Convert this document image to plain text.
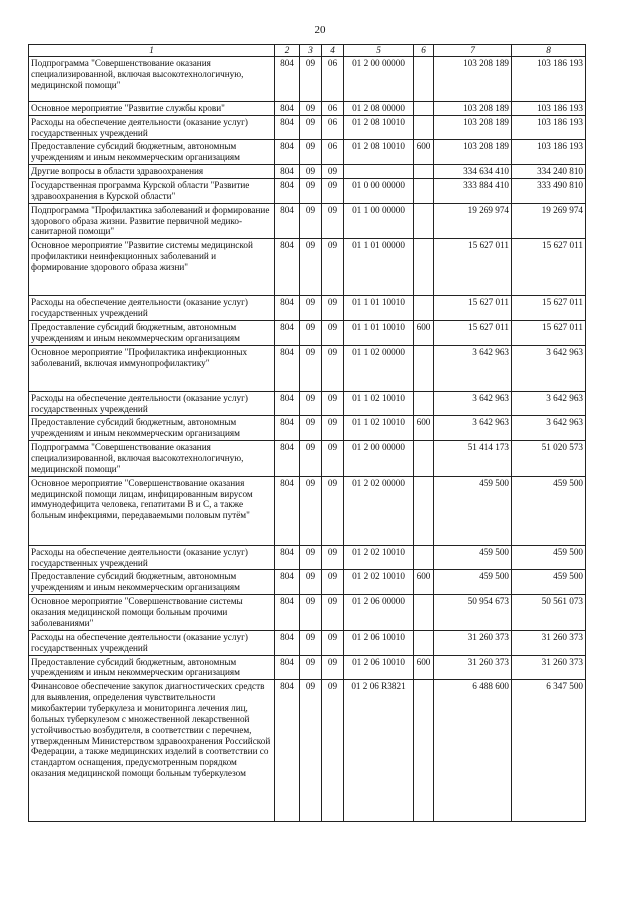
20
1	2	3	4	5	6	7	8
Подпрограмма "Совершенствование оказания специализированной, включая высокотехнологичную, медицинской помощи"	804	09	06	01 2 00 00000		103 208 189	103 186 193
Основное мероприятие "Развитие службы крови"	804	09	06	01 2 08 00000		103 208 189	103 186 193
Расходы на обеспечение деятельности (оказание услуг) государственных учреждений	804	09	06	01 2 08 10010		103 208 189	103 186 193
Предоставление субсидий бюджетным, автономным учреждениям и иным некоммерческим организациям	804	09	06	01 2 08 10010	600	103 208 189	103 186 193
Другие вопросы в области здравоохранения	804	09	09			334 634 410	334 240 810
Государственная программа Курской области "Развитие здравоохранения в Курской области"	804	09	09	01 0 00 00000		333 884 410	333 490 810
Подпрограмма "Профилактика заболеваний и формирование здорового образа жизни. Развитие первичной медико-санитарной помощи"	804	09	09	01 1 00 00000		19 269 974	19 269 974
Основное мероприятие "Развитие системы медицинской профилактики неинфекционных заболеваний и формирование здорового образа жизни"	804	09	09	01 1 01 00000		15 627 011	15 627 011
Расходы на обеспечение деятельности (оказание услуг) государственных учреждений	804	09	09	01 1 01 10010		15 627 011	15 627 011
Предоставление субсидий бюджетным, автономным учреждениям и иным некоммерческим организациям	804	09	09	01 1 01 10010	600	15 627 011	15 627 011
Основное мероприятие "Профилактика инфекционных заболеваний, включая иммунопрофилактику"	804	09	09	01 1 02 00000		3 642 963	3 642 963
Расходы на обеспечение деятельности (оказание услуг) государственных учреждений	804	09	09	01 1 02 10010		3 642 963	3 642 963
Предоставление субсидий бюджетным, автономным учреждениям и иным некоммерческим организациям	804	09	09	01 1 02 10010	600	3 642 963	3 642 963
Подпрограмма "Совершенствование оказания специализированной, включая высокотехнологичную, медицинской помощи"	804	09	09	01 2 00 00000		51 414 173	51 020 573
Основное мероприятие "Совершенствование оказания медицинской помощи лицам, инфицированным вирусом иммунодефицита человека, гепатитами В и С, а также больным инфекциями, передаваемыми половым путём"	804	09	09	01 2 02 00000		459 500	459 500
Расходы на обеспечение деятельности (оказание услуг) государственных учреждений	804	09	09	01 2 02 10010		459 500	459 500
Предоставление субсидий бюджетным, автономным учреждениям и иным некоммерческим организациям	804	09	09	01 2 02 10010	600	459 500	459 500
Основное мероприятие "Совершенствование системы оказания медицинской помощи больным прочими заболеваниями"	804	09	09	01 2 06 00000		50 954 673	50 561 073
Расходы на обеспечение деятельности (оказание услуг) государственных учреждений	804	09	09	01 2 06 10010		31 260 373	31 260 373
Предоставление субсидий бюджетным, автономным учреждениям и иным некоммерческим организациям	804	09	09	01 2 06 10010	600	31 260 373	31 260 373
Финансовое обеспечение закупок диагностических средств для выявления, определения чувствительности микобактерии туберкулеза и мониторинга лечения лиц, больных туберкулезом с множественной лекарственной устойчивостью возбудителя, в соответствии с перечнем, утвержденным Министерством здравоохранения Российской Федерации, а также медицинских изделий в соответствии со стандартом оснащения, предусмотренным порядком оказания медицинской помощи больным туберкулезом	804	09	09	01 2 06 R3821		6 488 600	6 347 500
